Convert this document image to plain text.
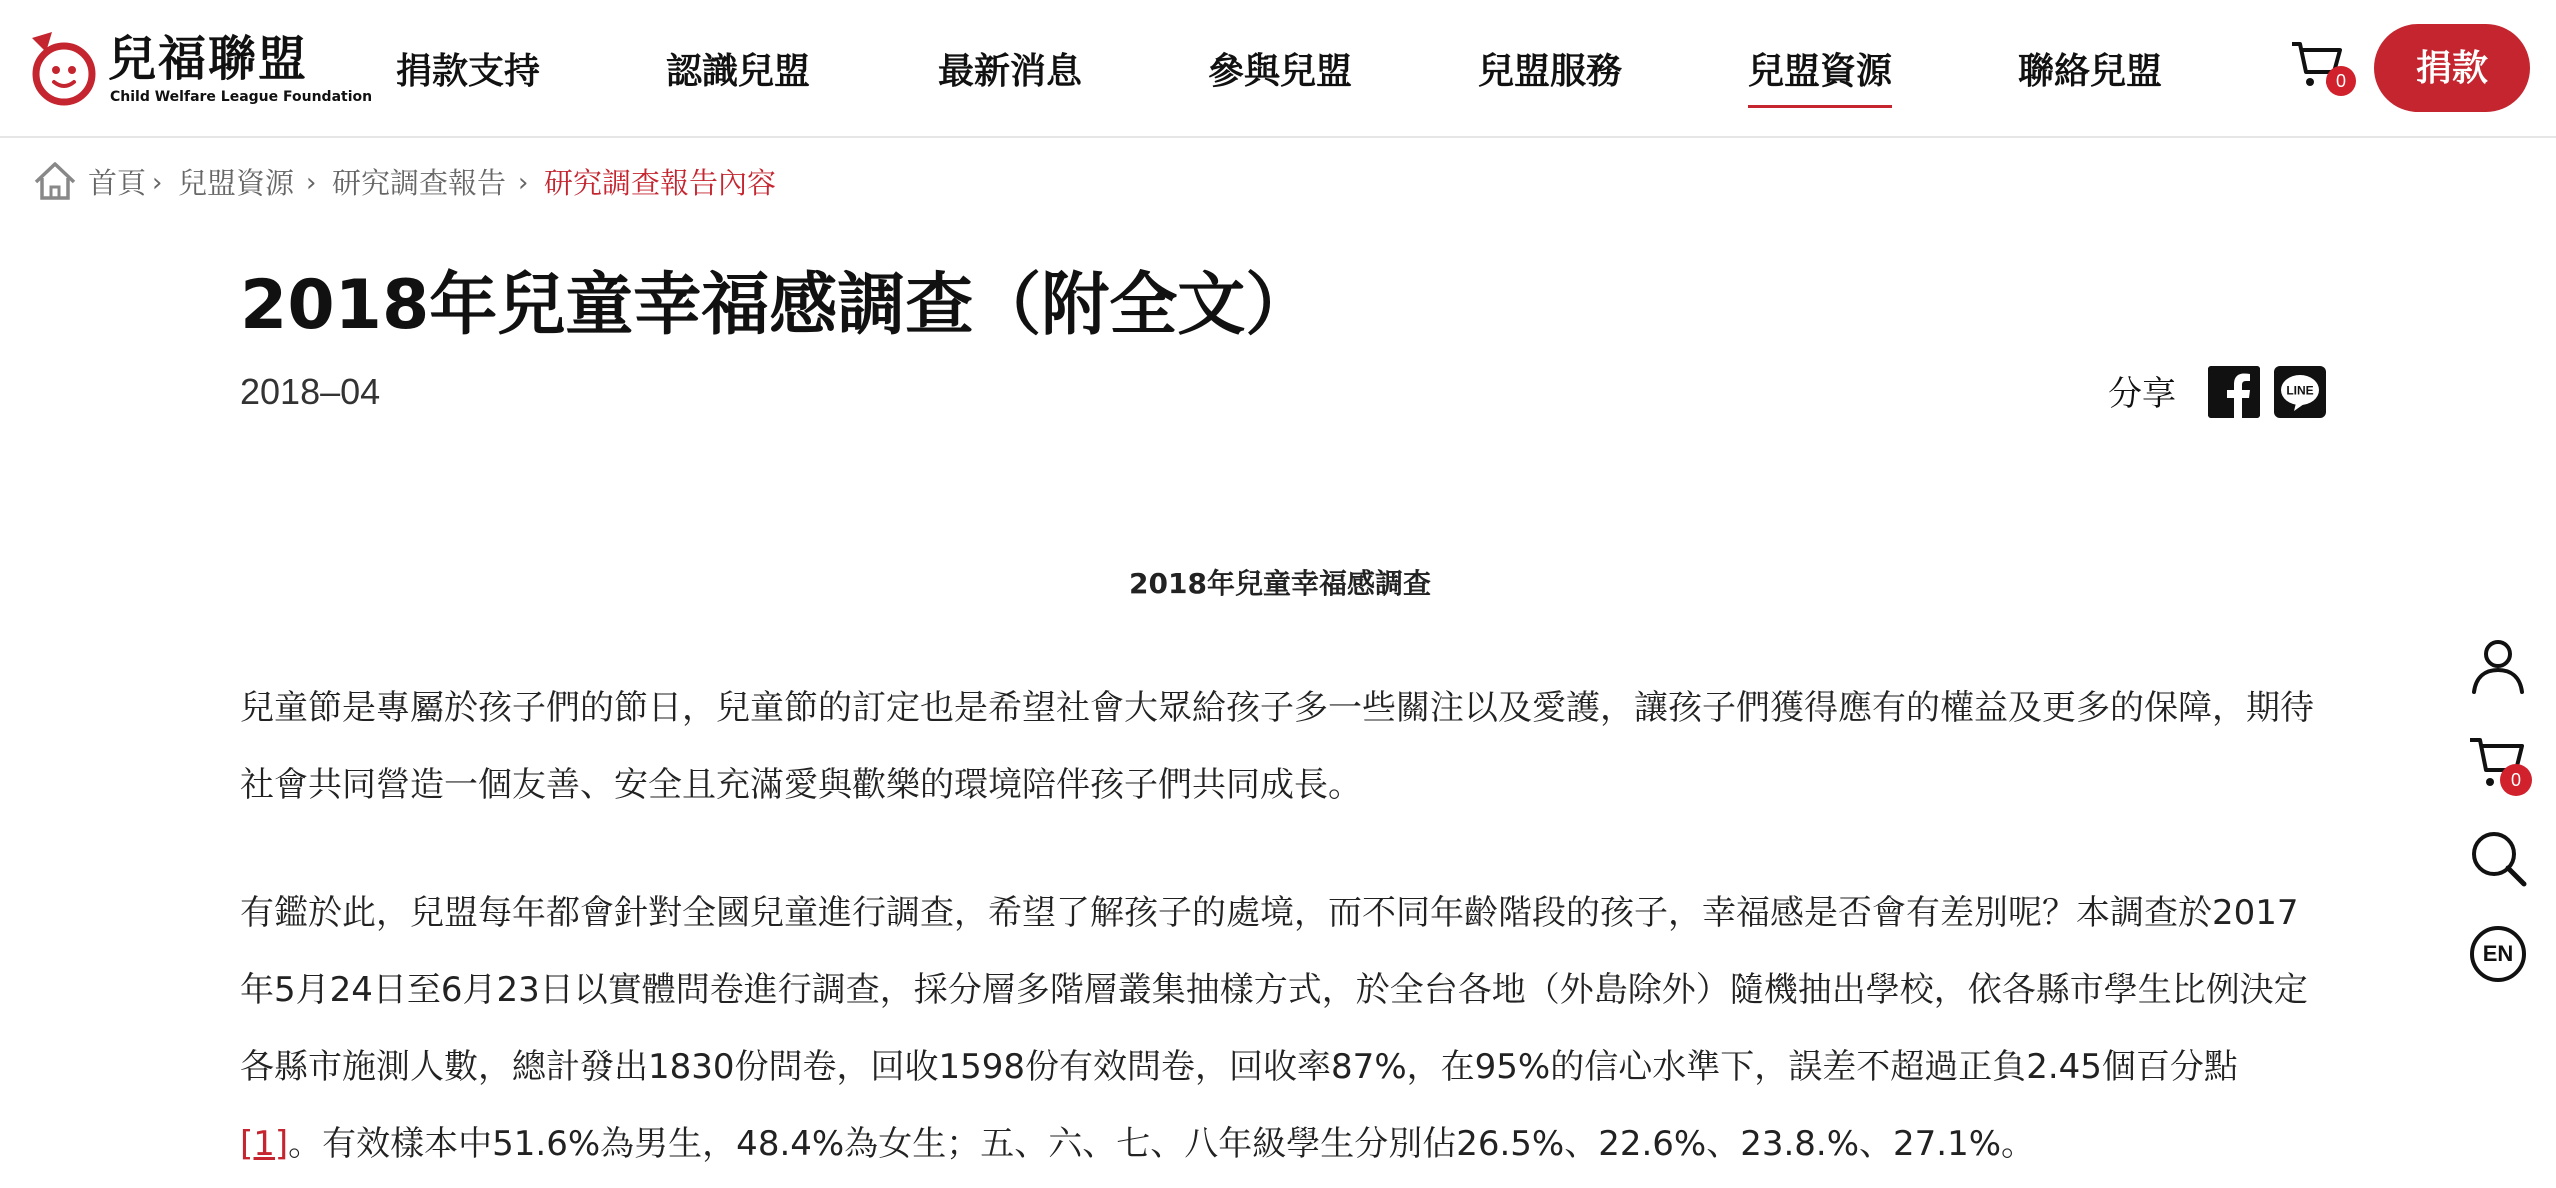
兒福聯盟
Child Welfare League Foundation
捐款支持	認識兒盟	最新消息	參與兒盟	兒盟服務	兒盟資源	聯絡兒盟	0	捐款
首頁 › 兒盟資源 › 研究調查報告 › 研究調查報告內容
2018年兒童幸福感調查（附全文）
2018–04	分享	LINE
2018年兒童幸福感調查

兒童節是專屬於孩子們的節日，兒童節的訂定也是希望社會大眾給孩子多一些關注以及愛護，讓孩子們獲得應有的權益及更多的保障，期待社會共同營造一個友善、安全且充滿愛與歡樂的環境陪伴孩子們共同成長。

有鑑於此，兒盟每年都會針對全國兒童進行調查，希望了解孩子的處境，而不同年齡階段的孩子，幸福感是否會有差別呢？本調查於2017年5月24日至6月23日以實體問卷進行調查，採分層多階層叢集抽樣方式，於全台各地（外島除外）隨機抽出學校，依各縣市學生比例決定各縣市施測人數，總計發出1830份問卷，回收1598份有效問卷，回收率87%，在95%的信心水準下，誤差不超過正負2.45個百分點[1]。有效樣本中51.6%為男生，48.4%為女生；五、六、七、八年級學生分別佔26.5%、22.6%、23.8.%、27.1%。

0
EN
